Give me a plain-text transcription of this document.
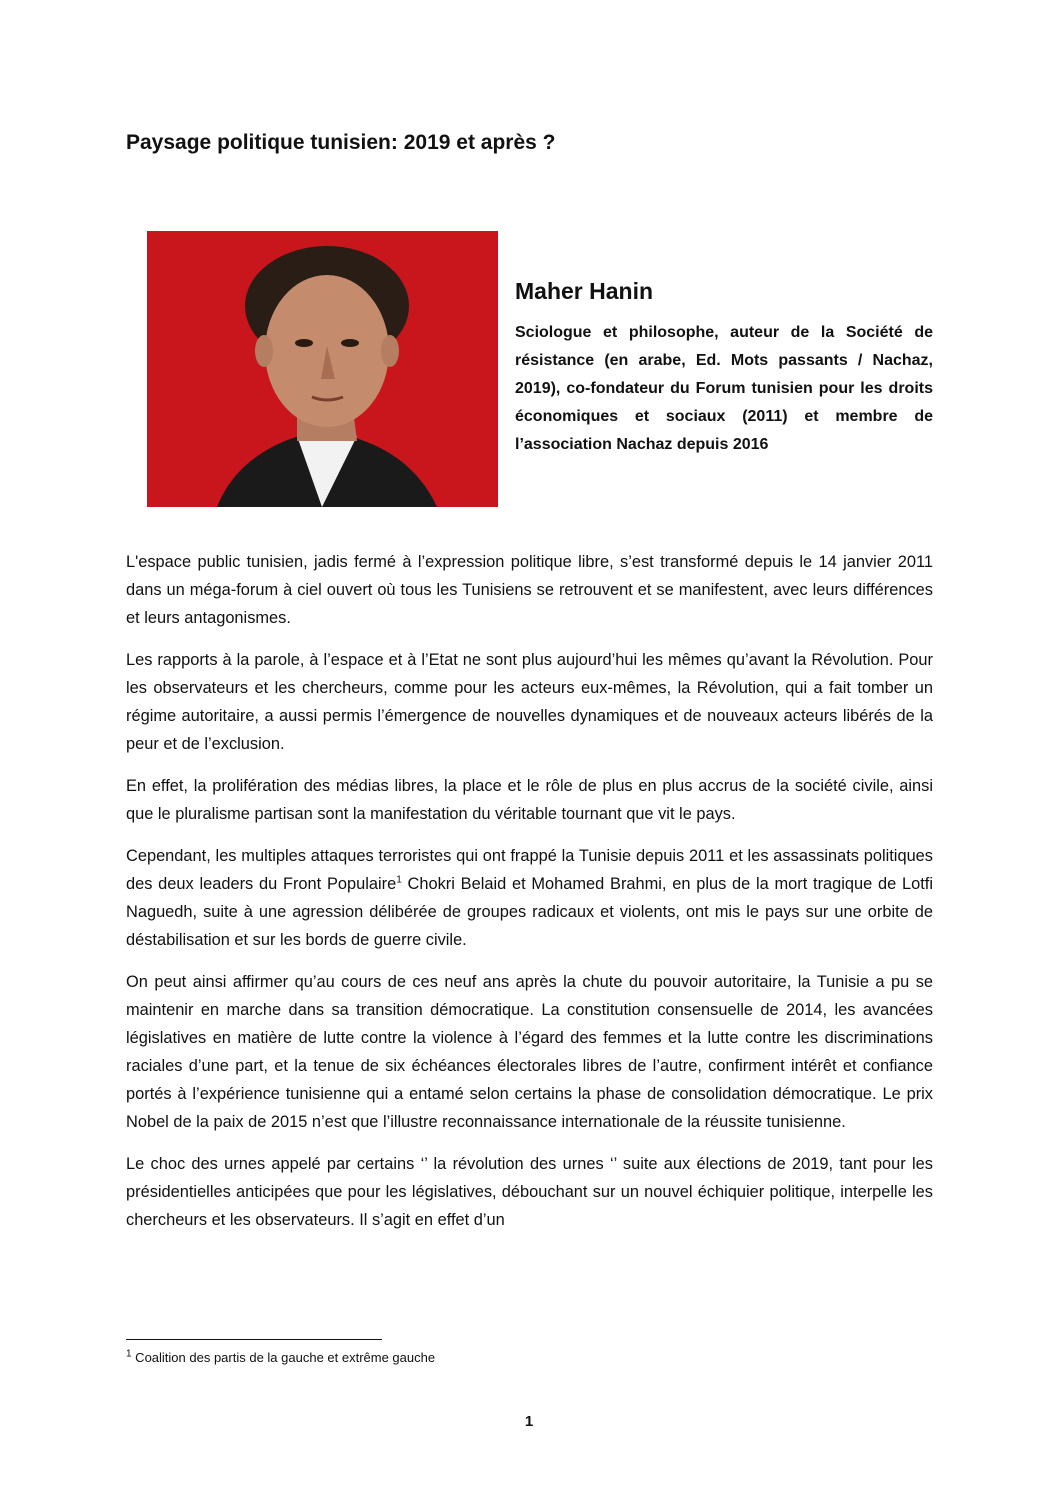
Paysage politique tunisien: 2019 et après ?
Maher Hanin

Sciologue et philosophe, auteur de la Société de résistance (en arabe, Ed. Mots passants / Nachaz, 2019), co-fondateur du Forum tunisien pour les droits économiques et sociaux (2011) et membre de l’association Nachaz depuis 2016

L'espace public tunisien, jadis fermé à l’expression politique libre, s’est transformé depuis le 14 janvier 2011 dans un méga-forum à ciel ouvert où tous les Tunisiens se retrouvent et se manifestent, avec leurs différences et leurs antagonismes.

Les rapports à la parole, à l’espace et à l’Etat ne sont plus aujourd’hui les mêmes qu’avant la Révolution. Pour les observateurs et les chercheurs, comme pour les acteurs eux-mêmes, la Révolution, qui a fait tomber un régime autoritaire, a aussi permis l’émergence de nouvelles dynamiques et de nouveaux acteurs libérés de la peur et de l’exclusion.

En effet, la prolifération des médias libres, la place et le rôle de plus en plus accrus de la société civile, ainsi que le pluralisme partisan sont la manifestation du véritable tournant que vit le pays.

Cependant, les multiples attaques terroristes qui ont frappé la Tunisie depuis 2011 et les assassinats politiques des deux leaders du Front Populaire$^1$ Chokri Belaid et Mohamed Brahmi, en plus de la mort tragique de Lotfi Naguedh, suite à une agression délibérée de groupes radicaux et violents, ont mis le pays sur une orbite de déstabilisation et sur les bords de guerre civile.

On peut ainsi affirmer qu’au cours de ces neuf ans après la chute du pouvoir autoritaire, la Tunisie a pu se maintenir en marche dans sa transition démocratique. La constitution consensuelle de 2014, les avancées législatives en matière de lutte contre la violence à l’égard des femmes et la lutte contre les discriminations raciales d’une part, et la tenue de six échéances électorales libres de l’autre, confirment intérêt et confiance portés à l’expérience tunisienne qui a entamé selon certains la phase de consolidation démocratique. Le prix Nobel de la paix de 2015 n’est que l’illustre reconnaissance internationale de la réussite tunisienne.

Le choc des urnes appelé par certains ‘’ la révolution des urnes ‘’ suite aux élections de 2019, tant pour les présidentielles anticipées que pour les législatives, débouchant sur un nouvel échiquier politique, interpelle les chercheurs et les observateurs. Il s’agit en effet d’un

$^1$ Coalition des partis de la gauche et extrême gauche
1
